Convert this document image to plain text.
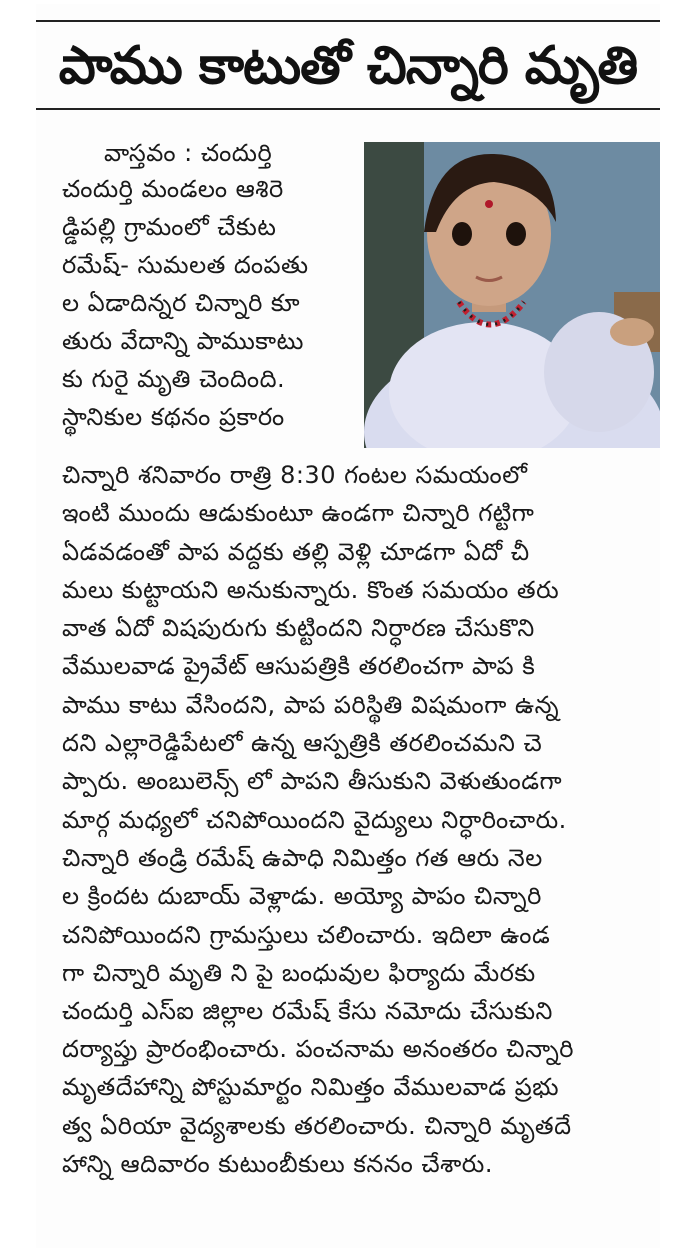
పాము కాటుతో చిన్నారి మృతి

వాస్తవం : చందుర్తి

చందుర్తి మండలం ఆశిరె

డ్డిపల్లి గ్రామంలో చేకుట

రమేష్- సుమలత దంపతు

ల ఏడాదిన్నర చిన్నారి కూ

తురు వేదాన్ని పాముకాటు

కు గురై మృతి చెందింది.

స్థానికుల కథనం ప్రకారం

చిన్నారి శనివారం రాత్రి 8:30 గంటల సమయంలో

ఇంటి ముందు ఆడుకుంటూ ఉండగా చిన్నారి గట్టిగా

ఏడవడంతో పాప వద్దకు తల్లి వెళ్లి చూడగా ఏదో చీ

మలు కుట్టాయని అనుకున్నారు. కొంత సమయం తరు

వాత ఏదో విషపురుగు కుట్టిందని నిర్ధారణ చేసుకొని

వేములవాడ ప్రైవేట్ ఆసుపత్రికి తరలించగా పాప కి

పాము కాటు వేసిందని, పాప పరిస్థితి విషమంగా ఉన్న

దని ఎల్లారెడ్డిపేటలో ఉన్న ఆస్పత్రికి తరలించమని చె

ప్పారు. అంబులెన్స్ లో పాపని తీసుకుని వెళుతుండగా

మార్గ మధ్యలో చనిపోయిందని వైద్యులు నిర్ధారించారు.

చిన్నారి తండ్రి రమేష్ ఉపాధి నిమిత్తం గత ఆరు నెల

ల క్రిందట దుబాయ్ వెళ్లాడు. అయ్యో పాపం చిన్నారి

చనిపోయిందని గ్రామస్తులు చలించారు. ఇదిలా ఉండ

గా చిన్నారి మృతి ని పై బంధువుల ఫిర్యాదు మేరకు

చందుర్తి ఎస్ఐ జిల్లాల రమేష్ కేసు నమోదు చేసుకుని

దర్యాప్తు ప్రారంభించారు. పంచనామ అనంతరం చిన్నారి

మృతదేహాన్ని పోస్టుమార్టం నిమిత్తం వేములవాడ ప్రభు

త్వ ఏరియా వైద్యశాలకు తరలించారు. చిన్నారి మృతదే

హాన్ని ఆదివారం కుటుంబీకులు కననం చేశారు.
